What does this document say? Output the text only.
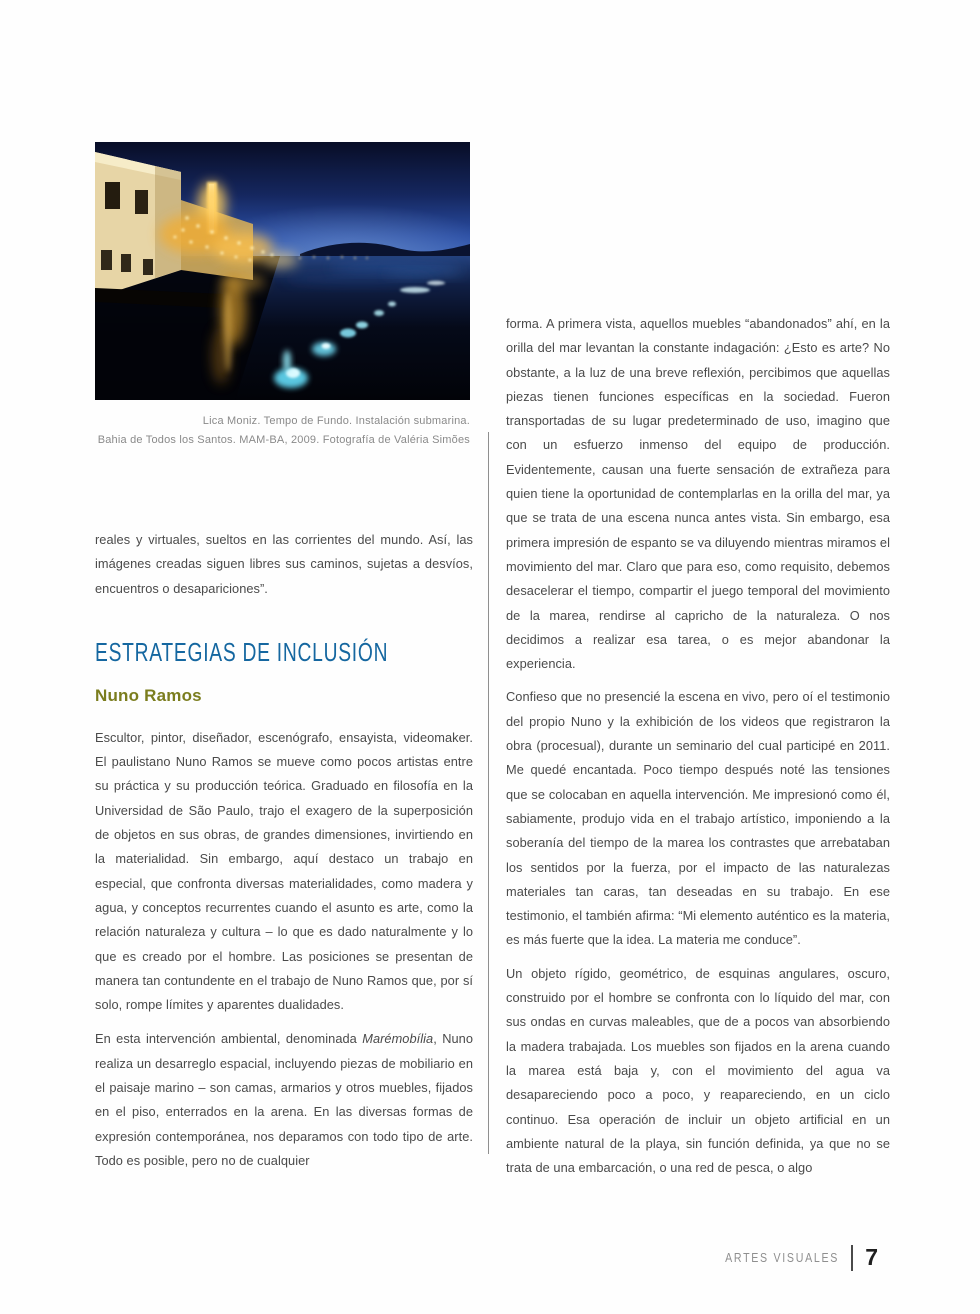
Lica Moniz. Tempo de Fundo. Instalación submarina.
Bahia de Todos los Santos. MAM-BA, 2009. Fotografía de Valéria Simões

reales y virtuales, sueltos en las corrientes del mundo. Así, las imágenes creadas siguen libres sus caminos, sujetas a desvíos, encuentros o desapariciones”.

ESTRATEGIAS DE INCLUSIÓN
Nuno Ramos

Escultor, pintor, diseñador, escenógrafo, ensayista, videomaker. El paulistano Nuno Ramos se mueve como pocos artistas entre su práctica y su producción teórica. Graduado en filosofía en la Universidad de São Paulo, trajo el exagero de la superposición de objetos en sus obras, de grandes dimensiones, invirtiendo en la materialidad. Sin embargo, aquí destaco un trabajo en especial, que confronta diversas materialidades, como madera y agua, y conceptos recurrentes cuando el asunto es arte, como la relación naturaleza y cultura – lo que es dado naturalmente y lo que es creado por el hombre. Las posiciones se presentan de manera tan contundente en el trabajo de Nuno Ramos que, por sí solo, rompe límites y aparentes dualidades.

En esta intervención ambiental, denominada Marémobília, Nuno realiza un desarreglo espacial, incluyendo piezas de mobiliario en el paisaje marino – son camas, armarios y otros muebles, fijados en el piso, enterrados en la arena. En las diversas formas de expresión contemporánea, nos deparamos con todo tipo de arte. Todo es posible, pero no de cualquier

forma. A primera vista, aquellos muebles “abandonados” ahí, en la orilla del mar levantan la constante indagación: ¿Esto es arte? No obstante, a la luz de una breve reflexión, percibimos que aquellas piezas tienen funciones específicas en la sociedad. Fueron transportadas de su lugar predeterminado de uso, imagino que con un esfuerzo inmenso del equipo de producción. Evidentemente, causan una fuerte sensación de extrañeza para quien tiene la oportunidad de contemplarlas en la orilla del mar, ya que se trata de una escena nunca antes vista. Sin embargo, esa primera impresión de espanto se va diluyendo mientras miramos el movimiento del mar. Claro que para eso, como requisito, debemos desacelerar el tiempo, compartir el juego temporal del movimiento de la marea, rendirse al capricho de la naturaleza. O nos decidimos a realizar esa tarea, o es mejor abandonar la experiencia.

Confieso que no presencié la escena en vivo, pero oí el testimonio del propio Nuno y la exhibición de los videos que registraron la obra (procesual), durante un seminario del cual participé en 2011. Me quedé encantada. Poco tiempo después noté las tensiones que se colocaban en aquella intervención. Me impresionó como él, sabiamente, produjo vida en el trabajo artístico, imponiendo a la soberanía del tiempo de la marea los contrastes que arrebataban los sentidos por la fuerza, por el impacto de las naturalezas materiales tan caras, tan deseadas en su trabajo. En ese testimonio, el también afirma: “Mi elemento auténtico es la materia, es más fuerte que la idea. La materia me conduce”.

Un objeto rígido, geométrico, de esquinas angulares, oscuro, construido por el hombre se confronta con lo líquido del mar, con sus ondas en curvas maleables, que de a pocos van absorbiendo la madera trabajada. Los muebles son fijados en la arena cuando la marea está baja y, con el movimiento del agua va desapareciendo poco a poco, y reapareciendo, en un ciclo continuo. Esa operación de incluir un objeto artificial en un ambiente natural de la playa, sin función definida, ya que no se trata de una embarcación, o una red de pesca, o algo

ARTES VISUALES 7
